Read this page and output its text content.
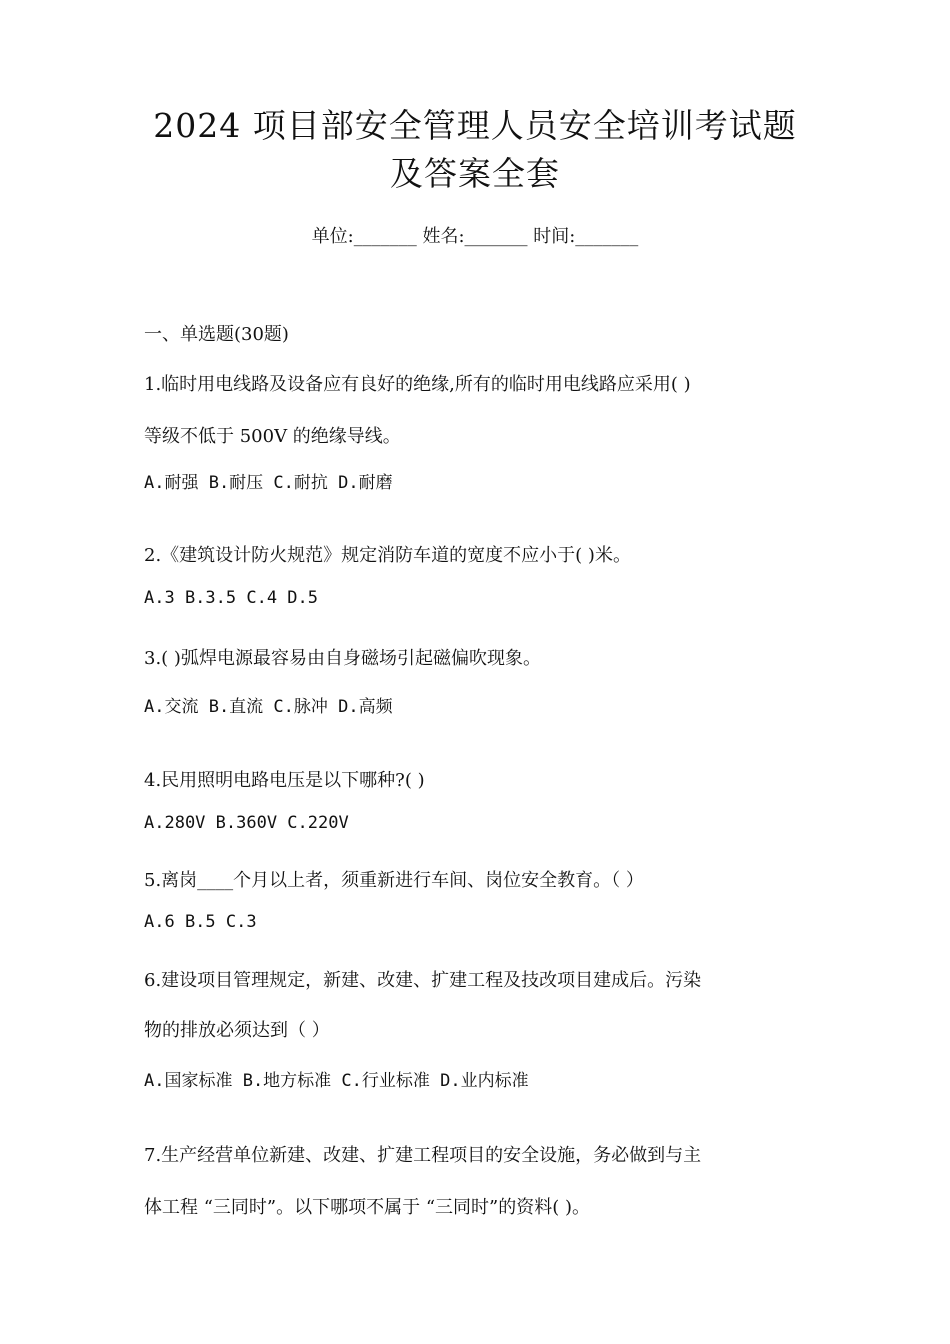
2024 项目部安全管理人员安全培训考试题
及答案全套
单位:_______ 姓名:_______ 时间:_______
一、单选题(30题)
1.临时用电线路及设备应有良好的绝缘,所有的临时用电线路应采用( )
等级不低于 500V 的绝缘导线。
A.耐强 B.耐压 C.耐抗 D.耐磨
2.《建筑设计防火规范》规定消防车道的宽度不应小于( )米。
A.3 B.3.5 C.4 D.5
3.( )弧焊电源最容易由自身磁场引起磁偏吹现象。
A.交流 B.直流 C.脉冲 D.高频
4.民用照明电路电压是以下哪种?( )
A.280V B.360V C.220V
5.离岗____个月以上者，须重新进行车间、岗位安全教育。（ ）
A.6 B.5 C.3
6.建设项目管理规定，新建、改建、扩建工程及技改项目建成后。污染
物的排放必须达到（ ）
A.国家标准 B.地方标准 C.行业标准 D.业内标准
7.生产经营单位新建、改建、扩建工程项目的安全设施，务必做到与主
体工程 “三同时”。以下哪项不属于 “三同时”的资料( )。
